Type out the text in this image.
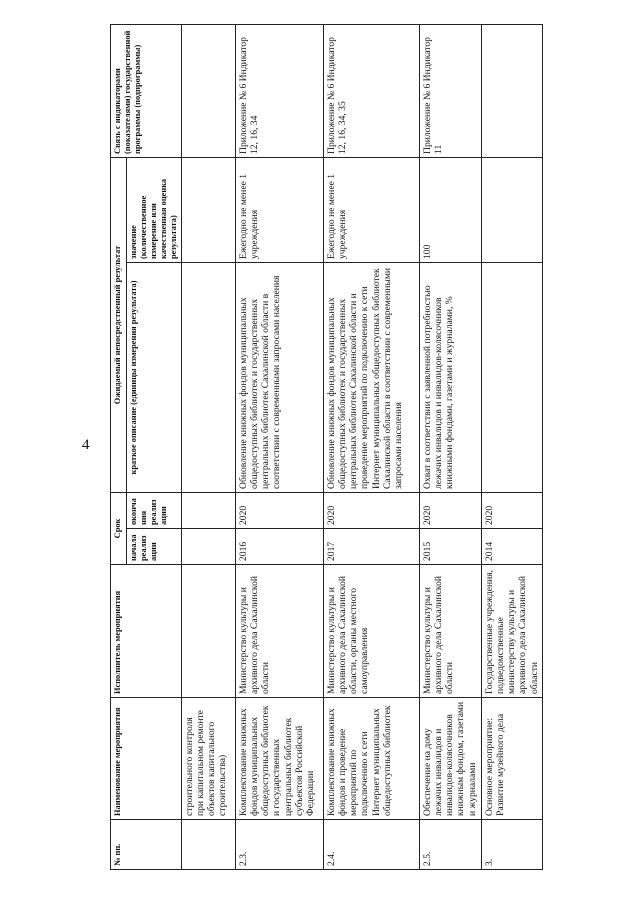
4
№ пп.	Наименование мероприятия	Исполнитель мероприятия	Срок		Ожидаемый непосредственный результат		Связь с индикаторами (показателями) государственной программы (подпрограммы)
			начала реализации	окончания реализации	краткое описание (единицы измерения результата)	значение (количественное измерение или качественная оценка результата)	
	строительного контроля при капитальном ремонте объектов капитального строительства)						
2.3.	Комплектование книжных фондов муниципальных общедоступных библиотек и государственных центральных библиотек субъектов Российской Федерации	Министерство культуры и архивного дела Сахалинской области	2016	2020	Обновление книжных фондов муниципальных общедоступных библиотек и государственных центральных библиотек Сахалинской области в соответствии с современными запросами населения	Ежегодно не менее 1 учреждения	Приложение № 6 Индикатор 12, 16, 34
2.4.	Комплектование книжных фондов и проведение мероприятий по подключению к сети Интернет муниципальных общедоступных библиотек	Министерство культуры и архивного дела Сахалинской области, органы местного самоуправления	2017	2020	Обновление книжных фондов муниципальных общедоступных библиотек и государственных центральных библиотек Сахалинской области и проведение мероприятий по подключению к сети Интернет муниципальных общедоступных библиотек Сахалинской области в соответствии с современными запросами населения	Ежегодно не менее 1 учреждения	Приложение № 6 Индикатор 12, 16, 34, 35
2.5.	Обеспечение на дому лежачих инвалидов и инвалидов-колясочников книжным фондом, газетами и журналами	Министерство культуры и архивного дела Сахалинской области	2015	2020	Охват в соответствии с заявленной потребностью лежачих инвалидов и инвалидов-колясочников книжными фондами, газетами и журналами, %	100	Приложение № 6 Индикатор 11
3.	Основное мероприятие: Развитие музейного дела	Государственные учреждения, подведомственные министерству культуры и архивного дела Сахалинской области	2014	2020			
